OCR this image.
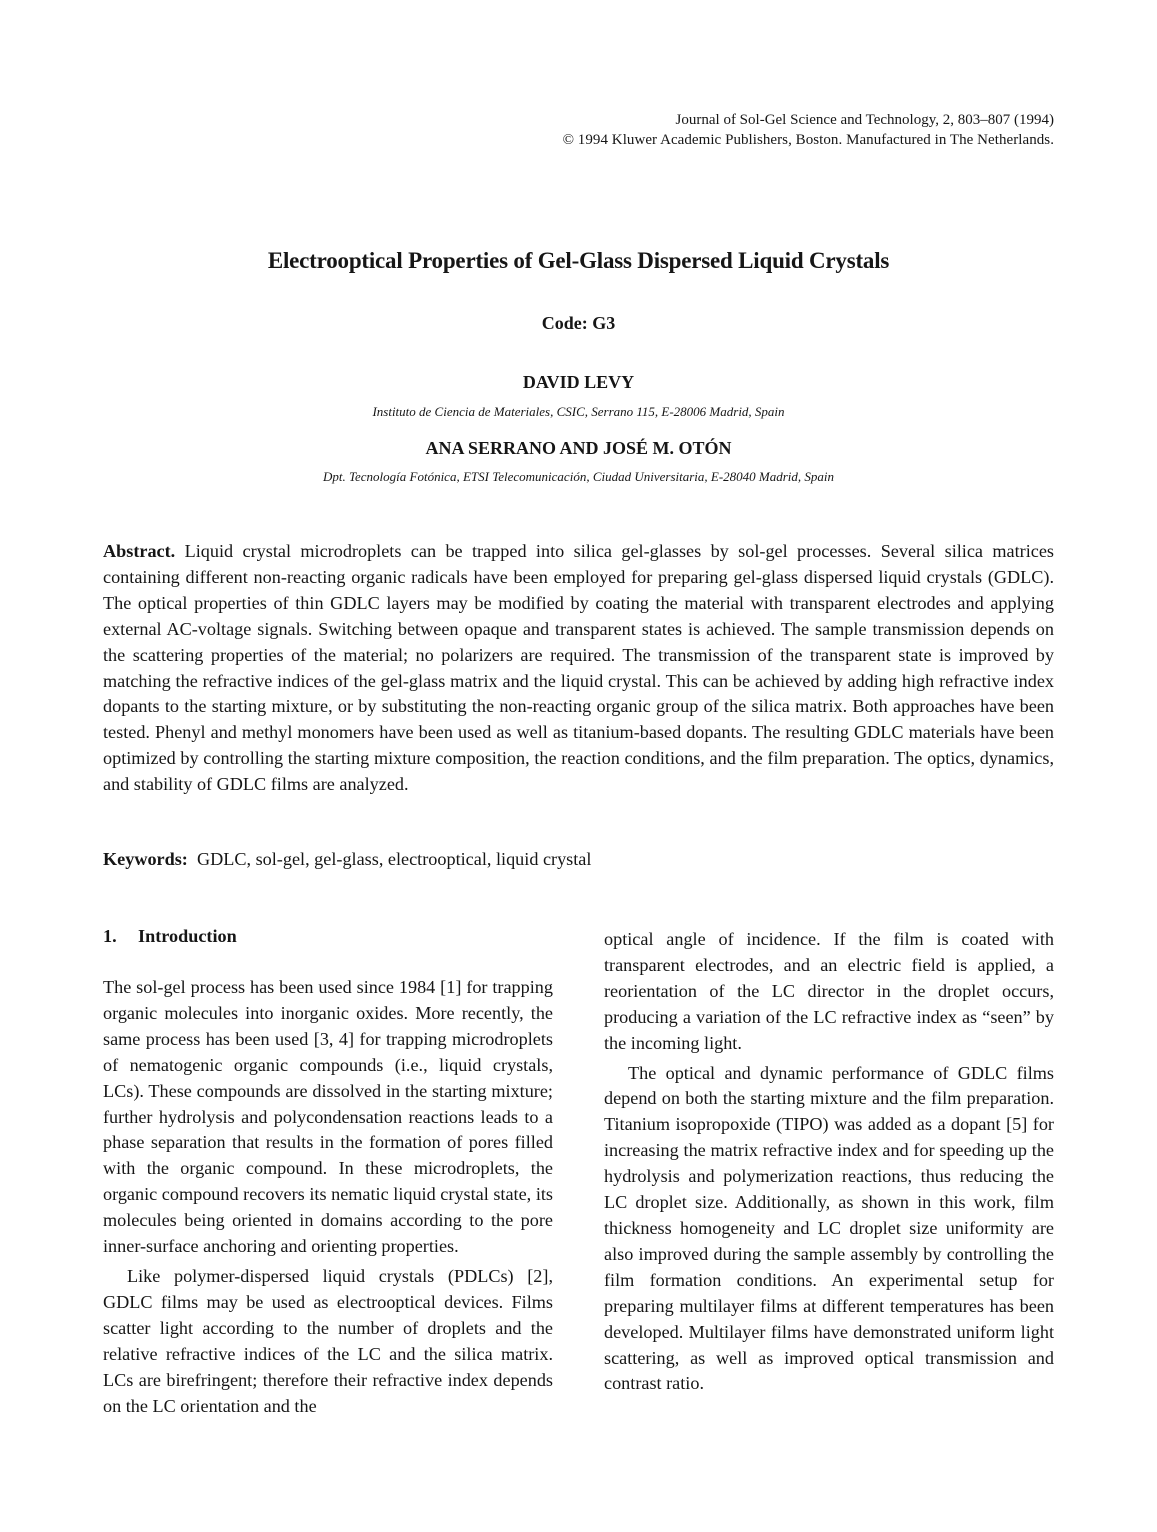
Journal of Sol-Gel Science and Technology, 2, 803–807 (1994)
© 1994 Kluwer Academic Publishers, Boston. Manufactured in The Netherlands.
Electrooptical Properties of Gel-Glass Dispersed Liquid Crystals
Code: G3
DAVID LEVY
Instituto de Ciencia de Materiales, CSIC, Serrano 115, E-28006 Madrid, Spain
ANA SERRANO AND JOSÉ M. OTÓN
Dpt. Tecnología Fotónica, ETSI Telecomunicación, Ciudad Universitaria, E-28040 Madrid, Spain

Abstract. Liquid crystal microdroplets can be trapped into silica gel-glasses by sol-gel processes. Several silica matrices containing different non-reacting organic radicals have been employed for preparing gel-glass dispersed liquid crystals (GDLC). The optical properties of thin GDLC layers may be modified by coating the material with transparent electrodes and applying external AC-voltage signals. Switching between opaque and transparent states is achieved. The sample transmission depends on the scattering properties of the material; no polarizers are required. The transmission of the transparent state is improved by matching the refractive indices of the gel-glass matrix and the liquid crystal. This can be achieved by adding high refractive index dopants to the starting mixture, or by substituting the non-reacting organic group of the silica matrix. Both approaches have been tested. Phenyl and methyl monomers have been used as well as titanium-based dopants. The resulting GDLC materials have been optimized by controlling the starting mixture composition, the reaction conditions, and the film preparation. The optics, dynamics, and stability of GDLC films are analyzed.

Keywords: GDLC, sol-gel, gel-glass, electrooptical, liquid crystal

1. Introduction

The sol-gel process has been used since 1984 [1] for trapping organic molecules into inorganic oxides. More recently, the same process has been used [3, 4] for trapping microdroplets of nematogenic organic compounds (i.e., liquid crystals, LCs). These compounds are dissolved in the starting mixture; further hydrolysis and polycondensation reactions leads to a phase separation that results in the formation of pores filled with the organic compound. In these microdroplets, the organic compound recovers its nematic liquid crystal state, its molecules being oriented in domains according to the pore inner-surface anchoring and orienting properties.

Like polymer-dispersed liquid crystals (PDLCs) [2], GDLC films may be used as electrooptical devices. Films scatter light according to the number of droplets and the relative refractive indices of the LC and the silica matrix. LCs are birefringent; therefore their refractive index depends on the LC orientation and the

optical angle of incidence. If the film is coated with transparent electrodes, and an electric field is applied, a reorientation of the LC director in the droplet occurs, producing a variation of the LC refractive index as “seen” by the incoming light.

The optical and dynamic performance of GDLC films depend on both the starting mixture and the film preparation. Titanium isopropoxide (TIPO) was added as a dopant [5] for increasing the matrix refractive index and for speeding up the hydrolysis and polymerization reactions, thus reducing the LC droplet size. Additionally, as shown in this work, film thickness homogeneity and LC droplet size uniformity are also improved during the sample assembly by controlling the film formation conditions. An experimental setup for preparing multilayer films at different temperatures has been developed. Multilayer films have demonstrated uniform light scattering, as well as improved optical transmission and contrast ratio.
